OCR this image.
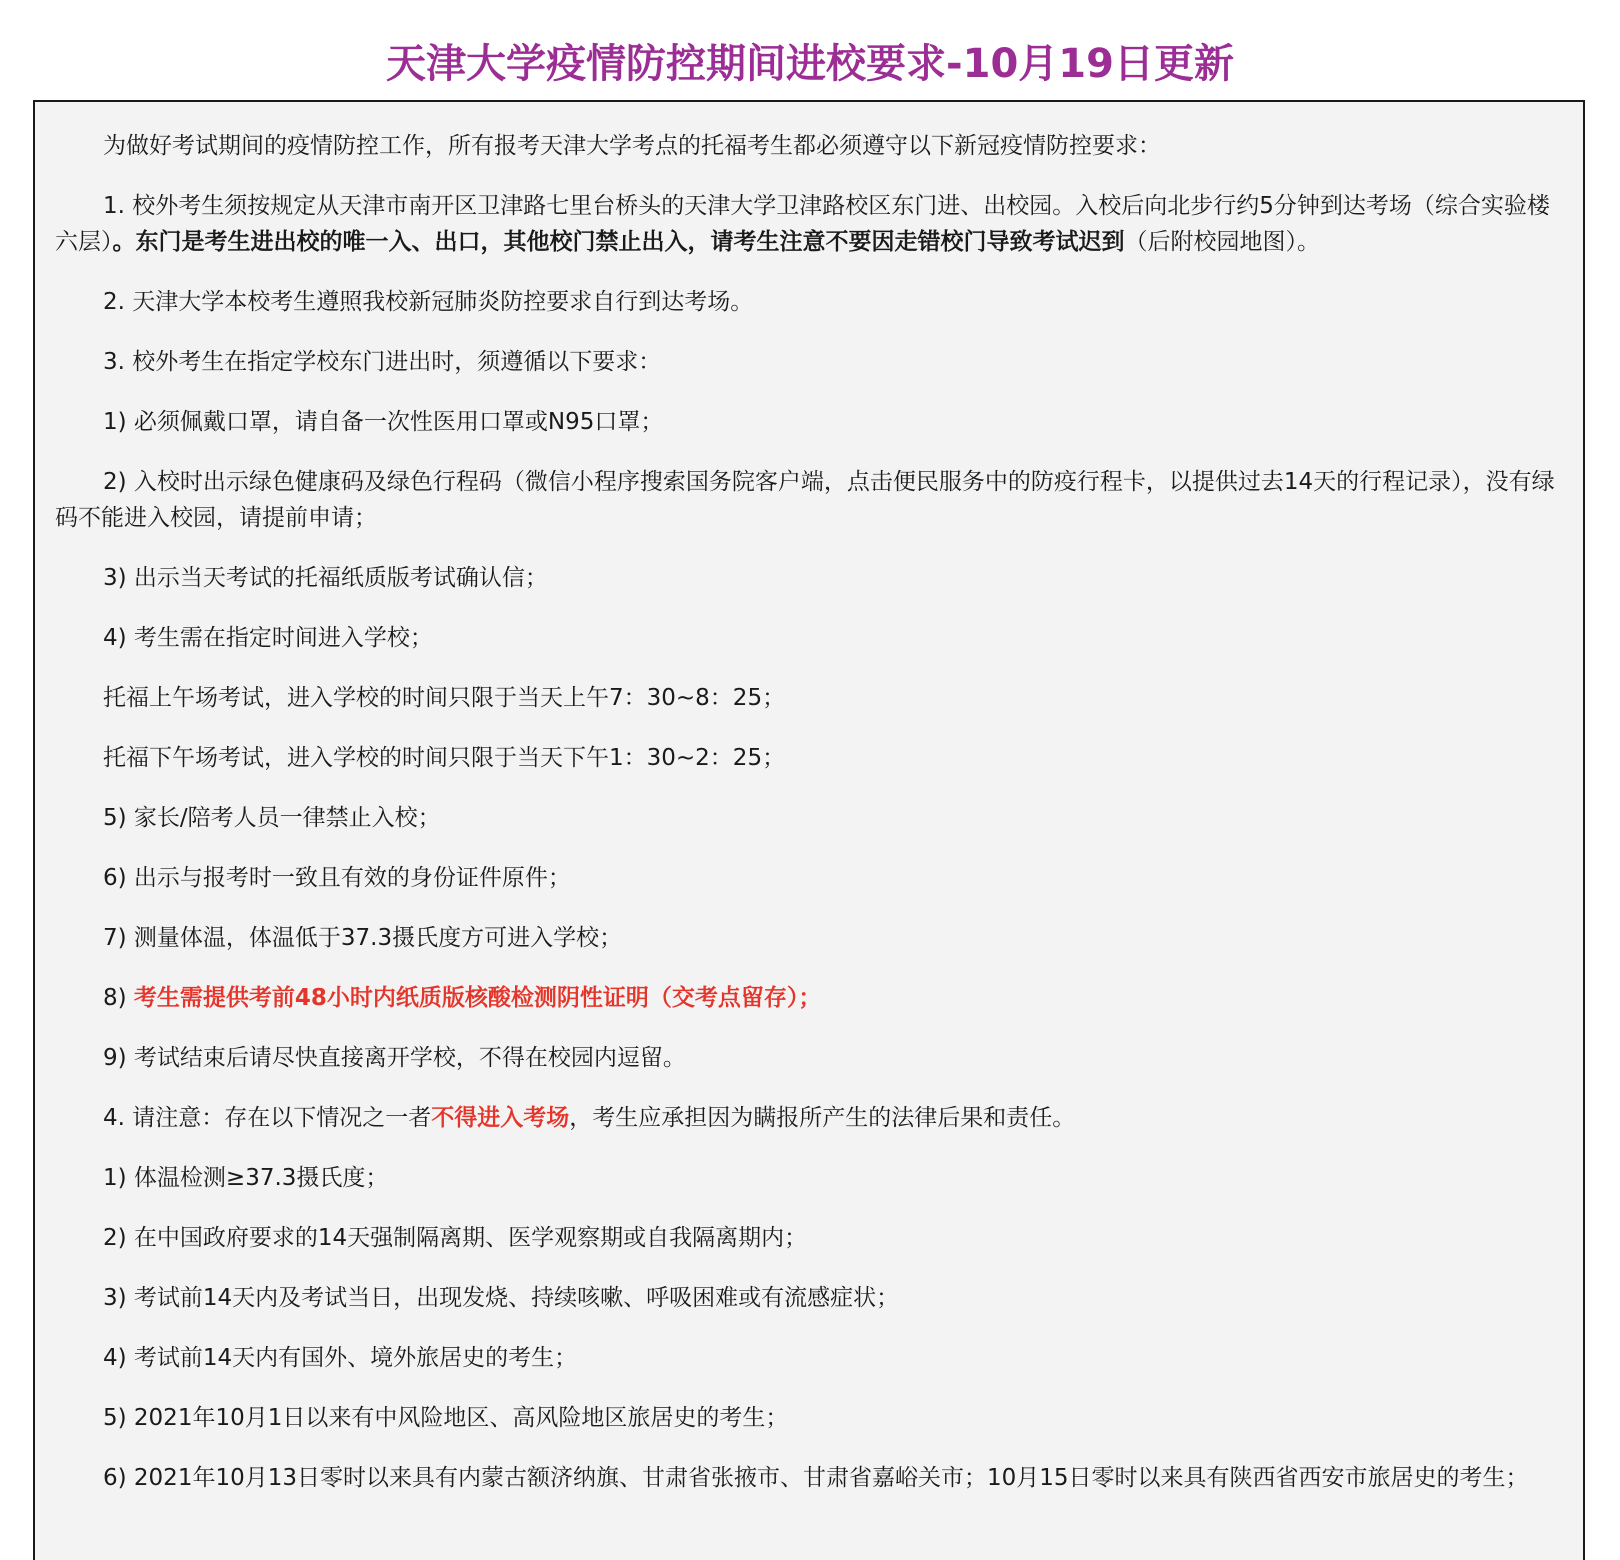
天津大学疫情防控期间进校要求-10月19日更新

为做好考试期间的疫情防控工作，所有报考天津大学考点的托福考生都必须遵守以下新冠疫情防控要求：

1. 校外考生须按规定从天津市南开区卫津路七里台桥头的天津大学卫津路校区东门进、出校园。入校后向北步行约5分钟到达考场（综合实验楼六层）。东门是考生进出校的唯一入、出口，其他校门禁止出入，请考生注意不要因走错校门导致考试迟到（后附校园地图）。

2. 天津大学本校考生遵照我校新冠肺炎防控要求自行到达考场。

3. 校外考生在指定学校东门进出时，须遵循以下要求：

1) 必须佩戴口罩，请自备一次性医用口罩或N95口罩；

2) 入校时出示绿色健康码及绿色行程码（微信小程序搜索国务院客户端，点击便民服务中的防疫行程卡，以提供过去14天的行程记录），没有绿码不能进入校园，请提前申请；

3) 出示当天考试的托福纸质版考试确认信；

4) 考生需在指定时间进入学校；

托福上午场考试，进入学校的时间只限于当天上午7：30~8：25；

托福下午场考试，进入学校的时间只限于当天下午1：30~2：25；

5) 家长/陪考人员一律禁止入校；

6) 出示与报考时一致且有效的身份证件原件；

7) 测量体温，体温低于37.3摄氏度方可进入学校；

8) 考生需提供考前48小时内纸质版核酸检测阴性证明（交考点留存）；

9) 考试结束后请尽快直接离开学校，不得在校园内逗留。

4. 请注意：存在以下情况之一者不得进入考场，考生应承担因为瞒报所产生的法律后果和责任。

1) 体温检测≥37.3摄氏度；

2) 在中国政府要求的14天强制隔离期、医学观察期或自我隔离期内；

3) 考试前14天内及考试当日，出现发烧、持续咳嗽、呼吸困难或有流感症状；

4) 考试前14天内有国外、境外旅居史的考生；

5) 2021年10月1日以来有中风险地区、高风险地区旅居史的考生；

6) 2021年10月13日零时以来具有内蒙古额济纳旗、甘肃省张掖市、甘肃省嘉峪关市；10月15日零时以来具有陕西省西安市旅居史的考生；
